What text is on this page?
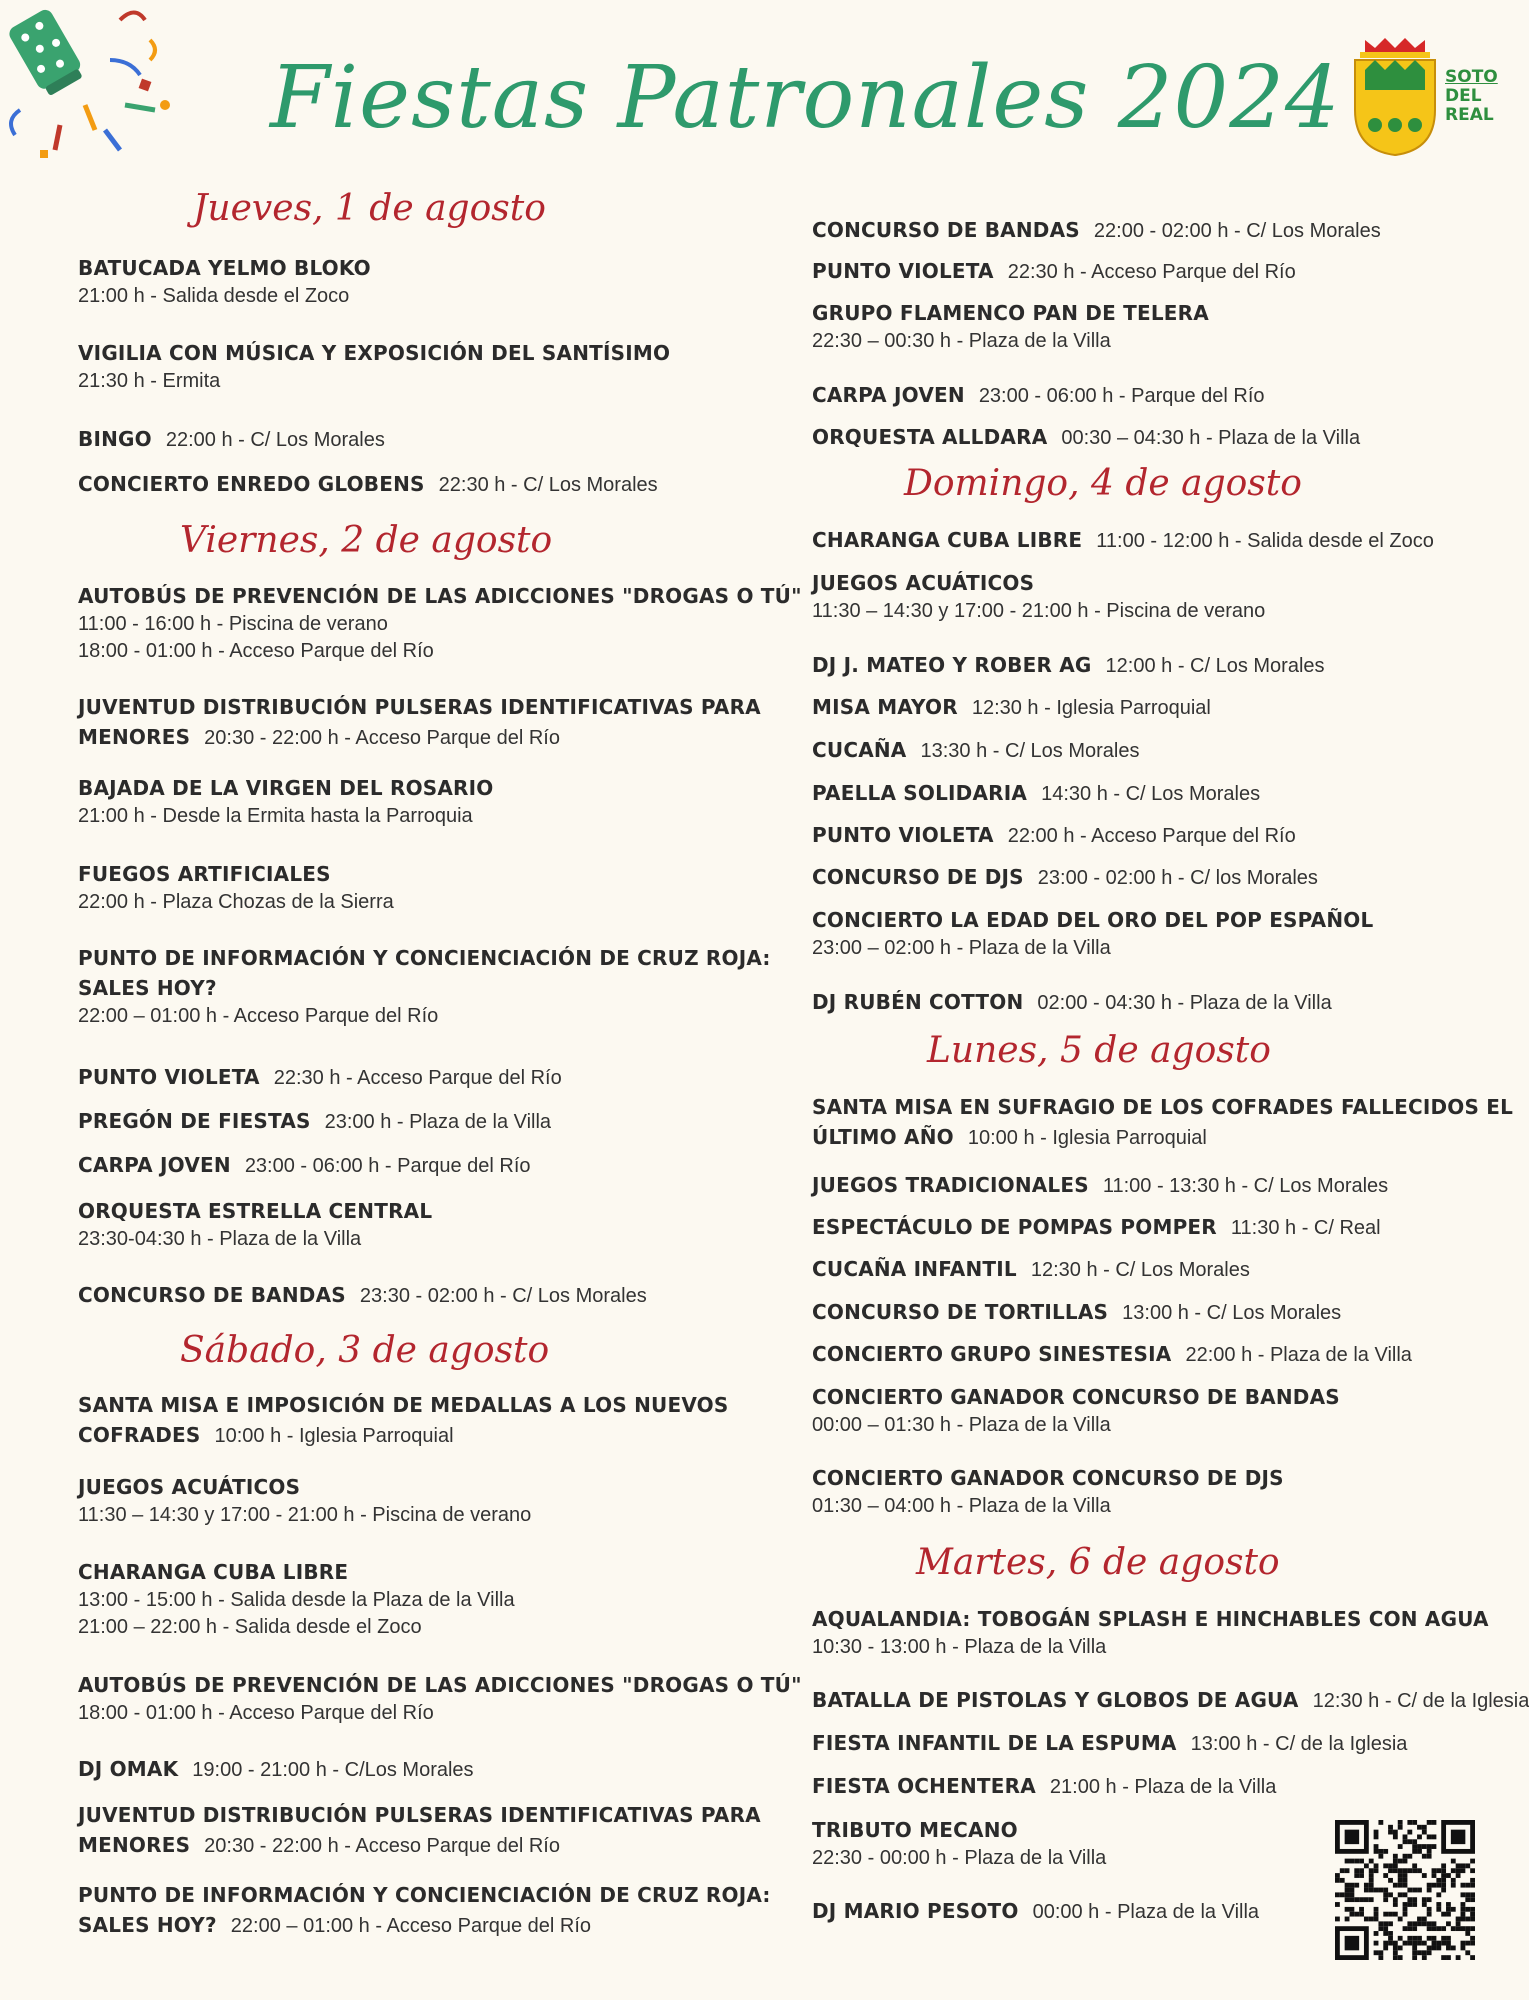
Fiestas Patronales 2024	SOTO
DEL
REAL
Jueves, 1 de agosto
BATUCADA YELMO BLOKO
21:00 h - Salida desde el Zoco
VIGILIA CON MÚSICA Y EXPOSICIÓN DEL SANTÍSIMO
21:30 h - Ermita
BINGO 22:00 h - C/ Los Morales
CONCIERTO ENREDO GLOBENS 22:30 h - C/ Los Morales
Viernes, 2 de agosto
AUTOBÚS DE PREVENCIÓN DE LAS ADICCIONES "DROGAS O TÚ"
11:00 - 16:00 h - Piscina de verano
18:00 - 01:00 h - Acceso Parque del Río
JUVENTUD DISTRIBUCIÓN PULSERAS IDENTIFICATIVAS PARA
MENORES 20:30 - 22:00 h - Acceso Parque del Río
BAJADA DE LA VIRGEN DEL ROSARIO
21:00 h - Desde la Ermita hasta la Parroquia
FUEGOS ARTIFICIALES
22:00 h - Plaza Chozas de la Sierra
PUNTO DE INFORMACIÓN Y CONCIENCIACIÓN DE CRUZ ROJA:
SALES HOY?
22:00 – 01:00 h - Acceso Parque del Río
PUNTO VIOLETA 22:30 h - Acceso Parque del Río
PREGÓN DE FIESTAS 23:00 h - Plaza de la Villa
CARPA JOVEN 23:00 - 06:00 h - Parque del Río
ORQUESTA ESTRELLA CENTRAL
23:30-04:30 h - Plaza de la Villa
CONCURSO DE BANDAS 23:30 - 02:00 h - C/ Los Morales
Sábado, 3 de agosto
SANTA MISA E IMPOSICIÓN DE MEDALLAS A LOS NUEVOS
COFRADES 10:00 h - Iglesia Parroquial
JUEGOS ACUÁTICOS
11:30 – 14:30 y 17:00 - 21:00 h - Piscina de verano
CHARANGA CUBA LIBRE
13:00 - 15:00 h - Salida desde la Plaza de la Villa
21:00 – 22:00 h - Salida desde el Zoco
AUTOBÚS DE PREVENCIÓN DE LAS ADICCIONES "DROGAS O TÚ"
18:00 - 01:00 h - Acceso Parque del Río
DJ OMAK 19:00 - 21:00 h - C/Los Morales
JUVENTUD DISTRIBUCIÓN PULSERAS IDENTIFICATIVAS PARA
MENORES 20:30 - 22:00 h - Acceso Parque del Río
PUNTO DE INFORMACIÓN Y CONCIENCIACIÓN DE CRUZ ROJA:
SALES HOY? 22:00 – 01:00 h - Acceso Parque del Río
CONCURSO DE BANDAS 22:00 - 02:00 h - C/ Los Morales
PUNTO VIOLETA 22:30 h - Acceso Parque del Río
GRUPO FLAMENCO PAN DE TELERA
22:30 – 00:30 h - Plaza de la Villa
CARPA JOVEN 23:00 - 06:00 h - Parque del Río
ORQUESTA ALLDARA 00:30 – 04:30 h - Plaza de la Villa
Domingo, 4 de agosto
CHARANGA CUBA LIBRE 11:00 - 12:00 h - Salida desde el Zoco
JUEGOS ACUÁTICOS
11:30 – 14:30 y 17:00 - 21:00 h - Piscina de verano
DJ J. MATEO Y ROBER AG 12:00 h - C/ Los Morales
MISA MAYOR 12:30 h - Iglesia Parroquial
CUCAÑA 13:30 h - C/ Los Morales
PAELLA SOLIDARIA 14:30 h - C/ Los Morales
PUNTO VIOLETA 22:00 h - Acceso Parque del Río
CONCURSO DE DJS 23:00 - 02:00 h - C/ los Morales
CONCIERTO LA EDAD DEL ORO DEL POP ESPAÑOL
23:00 – 02:00 h - Plaza de la Villa
DJ RUBÉN COTTON 02:00 - 04:30 h - Plaza de la Villa
Lunes, 5 de agosto
SANTA MISA EN SUFRAGIO DE LOS COFRADES FALLECIDOS EL
ÚLTIMO AÑO 10:00 h - Iglesia Parroquial
JUEGOS TRADICIONALES 11:00 - 13:30 h - C/ Los Morales
ESPECTÁCULO DE POMPAS POMPER 11:30 h - C/ Real
CUCAÑA INFANTIL 12:30 h - C/ Los Morales
CONCURSO DE TORTILLAS 13:00 h - C/ Los Morales
CONCIERTO GRUPO SINESTESIA 22:00 h - Plaza de la Villa
CONCIERTO GANADOR CONCURSO DE BANDAS
00:00 – 01:30 h - Plaza de la Villa
CONCIERTO GANADOR CONCURSO DE DJS
01:30 – 04:00 h - Plaza de la Villa
Martes, 6 de agosto
AQUALANDIA: TOBOGÁN SPLASH E HINCHABLES CON AGUA
10:30 - 13:00 h - Plaza de la Villa
BATALLA DE PISTOLAS Y GLOBOS DE AGUA 12:30 h - C/ de la Iglesia
FIESTA INFANTIL DE LA ESPUMA 13:00 h - C/ de la Iglesia
FIESTA OCHENTERA 21:00 h - Plaza de la Villa
TRIBUTO MECANO
22:30 - 00:00 h - Plaza de la Villa
DJ MARIO PESOTO 00:00 h - Plaza de la Villa
